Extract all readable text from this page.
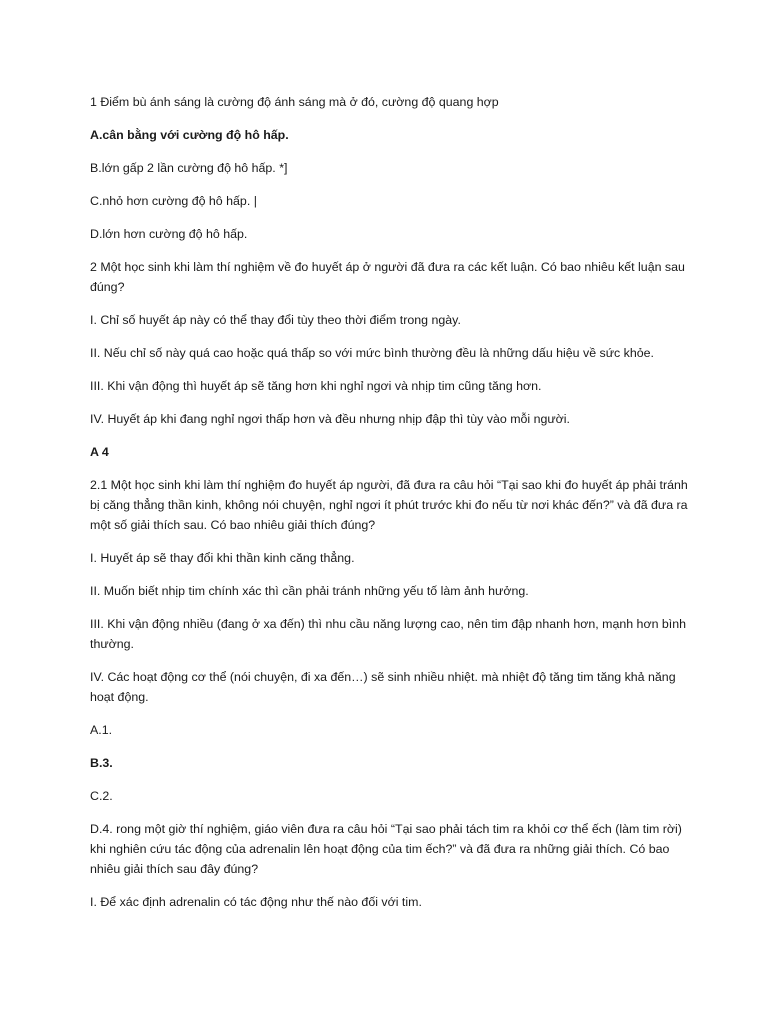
1 Điểm bù ánh sáng là cường độ ánh sáng mà ở đó, cường độ quang hợp

A.cân bằng với cường độ hô hấp.

B.lớn gấp 2 lần cường độ hô hấp. *]

C.nhỏ hơn cường độ hô hấp. |

D.lớn hơn cường độ hô hấp.

2 Một học sinh khi làm thí nghiệm về đo huyết áp ở người đã đưa ra các kết luận. Có bao nhiêu kết luận sau đúng?

I. Chỉ số huyết áp này có thể thay đổi tùy theo thời điểm trong ngày.

II. Nếu chỉ số này quá cao hoặc quá thấp so với mức bình thường đều là những dấu hiệu về sức khỏe.

III. Khi vận động thì huyết áp sẽ tăng hơn khi nghỉ ngơi và nhịp tim cũng tăng hơn.

IV. Huyết áp khi đang nghỉ ngơi thấp hơn và đều nhưng nhịp đập thì tùy vào mỗi người.

A 4

2.1 Một học sinh khi làm thí nghiệm đo huyết áp người, đã đưa ra câu hỏi “Tại sao khi đo huyết áp phải tránh bị căng thẳng thần kinh, không nói chuyện, nghỉ ngơi ít phút trước khi đo nếu từ nơi khác đến?” và đã đưa ra một số giải thích sau. Có bao nhiêu giải thích đúng?

I. Huyết áp sẽ thay đổi khi thần kinh căng thẳng.

II. Muốn biết nhịp tim chính xác thì cần phải tránh những yếu tố làm ảnh hưởng.

III. Khi vận động nhiều (đang ở xa đến) thì nhu cầu năng lượng cao, nên tim đập nhanh hơn, mạnh hơn bình thường.

IV. Các hoạt động cơ thể (nói chuyện, đi xa đến…) sẽ sinh nhiều nhiệt. mà nhiệt độ tăng tim tăng khả năng hoạt động.

A.1.

B.3.

C.2.

D.4. rong một giờ thí nghiệm, giáo viên đưa ra câu hỏi “Tại sao phải tách tim ra khỏi cơ thể ếch (làm tim rời) khi nghiên cứu tác động của adrenalin lên hoạt động của tim ếch?” và đã đưa ra những giải thích. Có bao nhiêu giải thích sau đây đúng?

I. Để xác định adrenalin có tác động như thế nào đối với tim.
